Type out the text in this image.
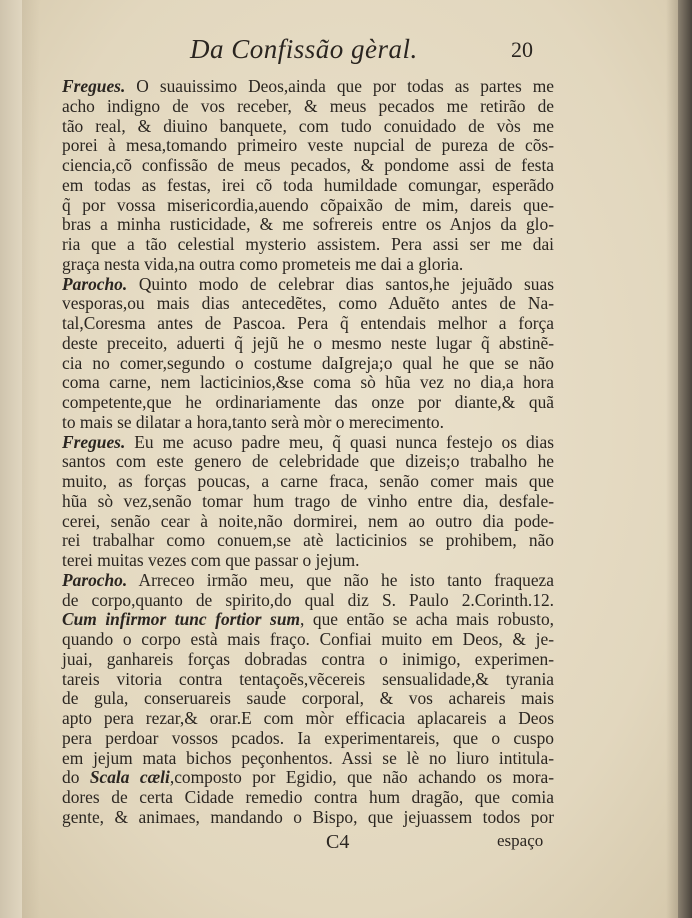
Da Confissão gèral.	20
Fregues. O suauissimo Deos,ainda que por todas as partes me
acho indigno de vos receber, & meus pecados me retirão de
tão real, & diuino banquete, com tudo conuidado de vòs me
porei à mesa,tomando primeiro veste nupcial de pureza de cõs-
ciencia,cõ confissão de meus pecados, & pondome assi de festa
em todas as festas, irei cõ toda humildade comungar, esperãdo
q̃ por vossa misericordia,auendo cõpaixão de mim, dareis que-
bras a minha rusticidade, & me sofrereis entre os Anjos da glo-
ria que a tão celestial mysterio assistem. Pera assi ser me dai
graça nesta vida,na outra como prometeis me dai a gloria.
Parocho. Quinto modo de celebrar dias santos,he jejuãdo suas
vesporas,ou mais dias antecedẽtes, como Aduẽto antes de Na-
tal,Coresma antes de Pascoa. Pera q̃ entendais melhor a força
deste preceito, aduerti q̃ jejũ he o mesmo neste lugar q̃ abstinẽ-
cia no comer,segundo o costume daIgreja;o qual he que se não
coma carne, nem lacticinios,&se coma sò hũa vez no dia,a hora
competente,que he ordinariamente das onze por diante,& quã
to mais se dilatar a hora,tanto serà mòr o merecimento.
Fregues. Eu me acuso padre meu, q̃ quasi nunca festejo os dias
santos com este genero de celebridade que dizeis;o trabalho he
muito, as forças poucas, a carne fraca, senão comer mais que
hũa sò vez,senão tomar hum trago de vinho entre dia, desfale-
cerei, senão cear à noite,não dormirei, nem ao outro dia pode-
rei trabalhar como conuem,se atè lacticinios se prohibem, não
terei muitas vezes com que passar o jejum.
Parocho. Arreceo irmão meu, que não he isto tanto fraqueza
de corpo,quanto de spirito,do qual diz S. Paulo 2.Corinth.12.
Cum infirmor tunc fortior sum, que então se acha mais robusto,
quando o corpo està mais fraço. Confiai muito em Deos, & je-
juai, ganhareis forças dobradas contra o inimigo, experimen-
tareis vitoria contra tentaçoẽs,vẽcereis sensualidade,& tyrania
de gula, conseruareis saude corporal, & vos achareis mais
apto pera rezar,& orar.E com mòr efficacia aplacareis a Deos
pera perdoar vossos pcados. Ia experimentareis, que o cuspo
em jejum mata bichos peçonhentos. Assi se lè no liuro intitula-
do Scala cæli,composto por Egidio, que não achando os mora-
dores de certa Cidade remedio contra hum dragão, que comia
gente, & animaes, mandando o Bispo, que jejuassem todos por
C4	espaço
